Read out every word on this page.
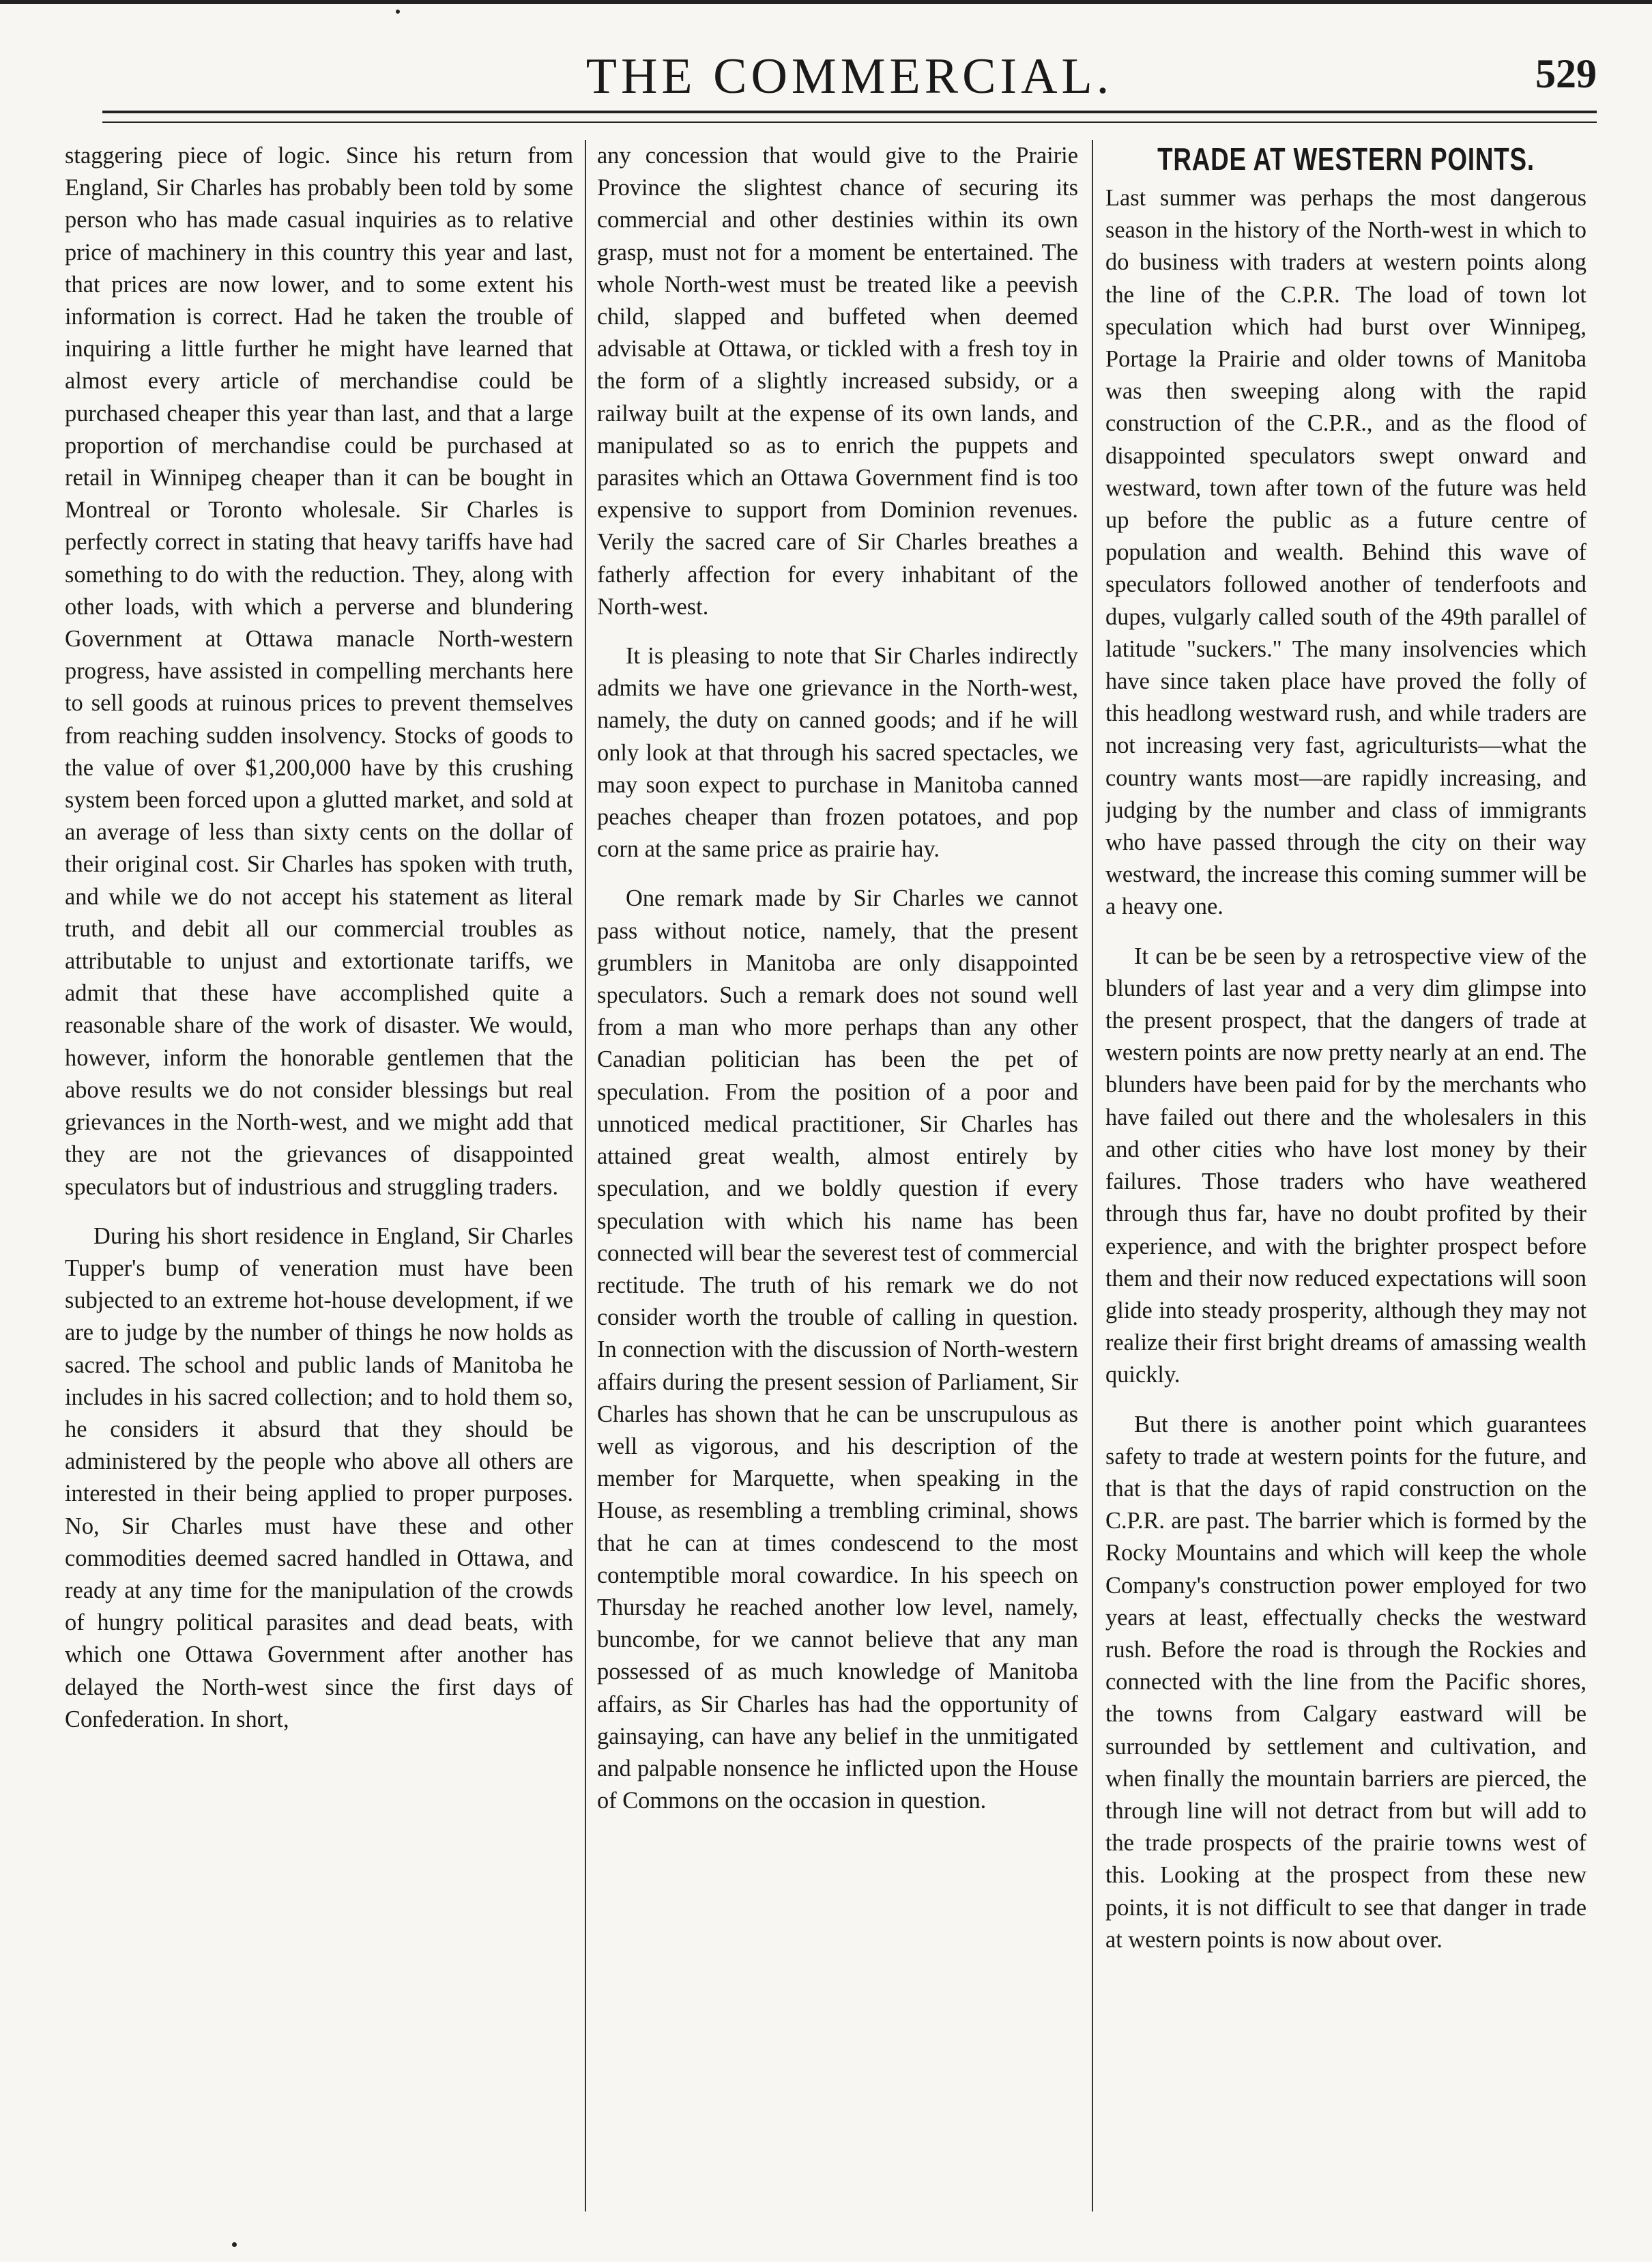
THE COMMERCIAL.	529

staggering piece of logic. Since his return from England, Sir Charles has probably been told by some person who has made casual inquiries as to relative price of machinery in this country this year and last, that prices are now lower, and to some extent his information is correct. Had he taken the trouble of inquiring a little further he might have learned that almost every article of merchandise could be purchased cheaper this year than last, and that a large proportion of merchandise could be purchased at retail in Winnipeg cheaper than it can be bought in Montreal or Toronto wholesale. Sir Charles is perfectly correct in stating that heavy tariffs have had something to do with the reduction. They, along with other loads, with which a perverse and blundering Government at Ottawa manacle North-western progress, have assisted in compelling merchants here to sell goods at ruinous prices to prevent themselves from reaching sudden insolvency. Stocks of goods to the value of over $1,200,000 have by this crushing system been forced upon a glutted market, and sold at an average of less than sixty cents on the dollar of their original cost. Sir Charles has spoken with truth, and while we do not accept his statement as literal truth, and debit all our commercial troubles as attributable to unjust and extortionate tariffs, we admit that these have accomplished quite a reasonable share of the work of disaster. We would, however, inform the honorable gentlemen that the above results we do not consider blessings but real grievances in the North-west, and we might add that they are not the grievances of disappointed speculators but of industrious and struggling traders.

During his short residence in England, Sir Charles Tupper's bump of veneration must have been subjected to an extreme hot-house development, if we are to judge by the number of things he now holds as sacred. The school and public lands of Manitoba he includes in his sacred collection; and to hold them so, he considers it absurd that they should be administered by the people who above all others are interested in their being applied to proper purposes. No, Sir Charles must have these and other commodities deemed sacred handled in Ottawa, and ready at any time for the manipulation of the crowds of hungry political parasites and dead beats, with which one Ottawa Government after another has delayed the North-west since the first days of Confederation. In short,

any concession that would give to the Prairie Province the slightest chance of securing its commercial and other destinies within its own grasp, must not for a moment be entertained. The whole North-west must be treated like a peevish child, slapped and buffeted when deemed advisable at Ottawa, or tickled with a fresh toy in the form of a slightly increased subsidy, or a railway built at the expense of its own lands, and manipulated so as to enrich the puppets and parasites which an Ottawa Government find is too expensive to support from Dominion revenues. Verily the sacred care of Sir Charles breathes a fatherly affection for every inhabitant of the North-west.

It is pleasing to note that Sir Charles indirectly admits we have one grievance in the North-west, namely, the duty on canned goods; and if he will only look at that through his sacred spectacles, we may soon expect to purchase in Manitoba canned peaches cheaper than frozen potatoes, and pop corn at the same price as prairie hay.

One remark made by Sir Charles we cannot pass without notice, namely, that the present grumblers in Manitoba are only disappointed speculators. Such a remark does not sound well from a man who more perhaps than any other Canadian politician has been the pet of speculation. From the position of a poor and unnoticed medical practitioner, Sir Charles has attained great wealth, almost entirely by speculation, and we boldly question if every speculation with which his name has been connected will bear the severest test of commercial rectitude. The truth of his remark we do not consider worth the trouble of calling in question. In connection with the discussion of North-western affairs during the present session of Parliament, Sir Charles has shown that he can be unscrupulous as well as vigorous, and his description of the member for Marquette, when speaking in the House, as resembling a trembling criminal, shows that he can at times condescend to the most contemptible moral cowardice. In his speech on Thursday he reached another low level, namely, buncombe, for we cannot believe that any man possessed of as much knowledge of Manitoba affairs, as Sir Charles has had the opportunity of gainsaying, can have any belief in the unmitigated and palpable nonsence he inflicted upon the House of Commons on the occasion in question.

TRADE AT WESTERN POINTS.

Last summer was perhaps the most dangerous season in the history of the North-west in which to do business with traders at western points along the line of the C.P.R. The load of town lot speculation which had burst over Winnipeg, Portage la Prairie and older towns of Manitoba was then sweeping along with the rapid construction of the C.P.R., and as the flood of disappointed speculators swept onward and westward, town after town of the future was held up before the public as a future centre of population and wealth. Behind this wave of speculators followed another of tenderfoots and dupes, vulgarly called south of the 49th parallel of latitude "suckers." The many insolvencies which have since taken place have proved the folly of this headlong westward rush, and while traders are not increasing very fast, agriculturists—what the country wants most—are rapidly increasing, and judging by the number and class of immigrants who have passed through the city on their way westward, the increase this coming summer will be a heavy one.

It can be be seen by a retrospective view of the blunders of last year and a very dim glimpse into the present prospect, that the dangers of trade at western points are now pretty nearly at an end. The blunders have been paid for by the merchants who have failed out there and the wholesalers in this and other cities who have lost money by their failures. Those traders who have weathered through thus far, have no doubt profited by their experience, and with the brighter prospect before them and their now reduced expectations will soon glide into steady prosperity, although they may not realize their first bright dreams of amassing wealth quickly.

But there is another point which guarantees safety to trade at western points for the future, and that is that the days of rapid construction on the C.P.R. are past. The barrier which is formed by the Rocky Mountains and which will keep the whole Company's construction power employed for two years at least, effectually checks the westward rush. Before the road is through the Rockies and connected with the line from the Pacific shores, the towns from Calgary eastward will be surrounded by settlement and cultivation, and when finally the mountain barriers are pierced, the through line will not detract from but will add to the trade prospects of the prairie towns west of this. Looking at the prospect from these new points, it is not difficult to see that danger in trade at western points is now about over.
